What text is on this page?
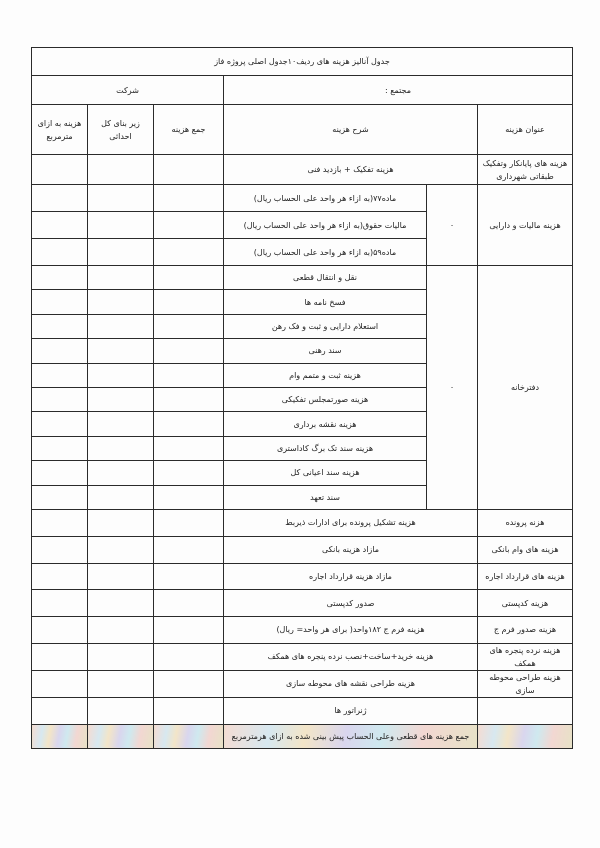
جدول آنالیز هزینه های ردیف۱۰جدول اصلی پروژه فاز					
مجتمع :			شرکت		
عنوان هزینه	شرح هزینه		جمع هزینه	زیر بنای کل احداثی	هزینه به ازای مترمربع
هزینه های پایانکار وتفکیک طبقاتی شهرداری	هزینه تفکیک + بازدید فنی				
هزینه مالیات و دارایی	۰	ماده۷۷(به ازاء هر واحد علی الحساب ریال)			
		مالیات حقوق(به ازاء هر واحد علی الحساب ریال)			
		ماده۵۹(به ازاء هر واحد علی الحساب ریال)			
دفترخانه	۰	نقل و انتقال قطعی			
		فسخ نامه ها			
		استعلام دارایی و ثبت و فک رهن			
		سند رهنی			
		هزینه ثبت و متمم وام			
		هزینه صورتمجلس تفکیکی			
		هزینه نقشه برداری			
		هزینه سند تک برگ کاداستری			
		هزینه سند اعیانی کل			
		سند تعهد			
هزنه پرونده	هزینه تشکیل پرونده برای ادارات ذیربط				
هزینه های وام بانکی	مازاد هزینه بانکی				
هزینه های قرارداد اجاره	مازاد هزینه قرارداد اجاره				
هزینه کدپستی	صدور کدپستی				
هزینه صدور فرم ج	هزینه فرم ج ۱۸۲واحد( برای هر واحد= ریال)				
هزینه نرده پنجره های همکف	هزینه خرید+ساخت+نصب نرده پنجره های همکف				
هزینه طراحی محوطه سازی	هزینه طراحی نقشه های محوطه سازی				
	ژنراتور ها				
	جمع هزینه های قطعی وعلی الحساب پیش بینی شده به ازای هرمترمربع				
